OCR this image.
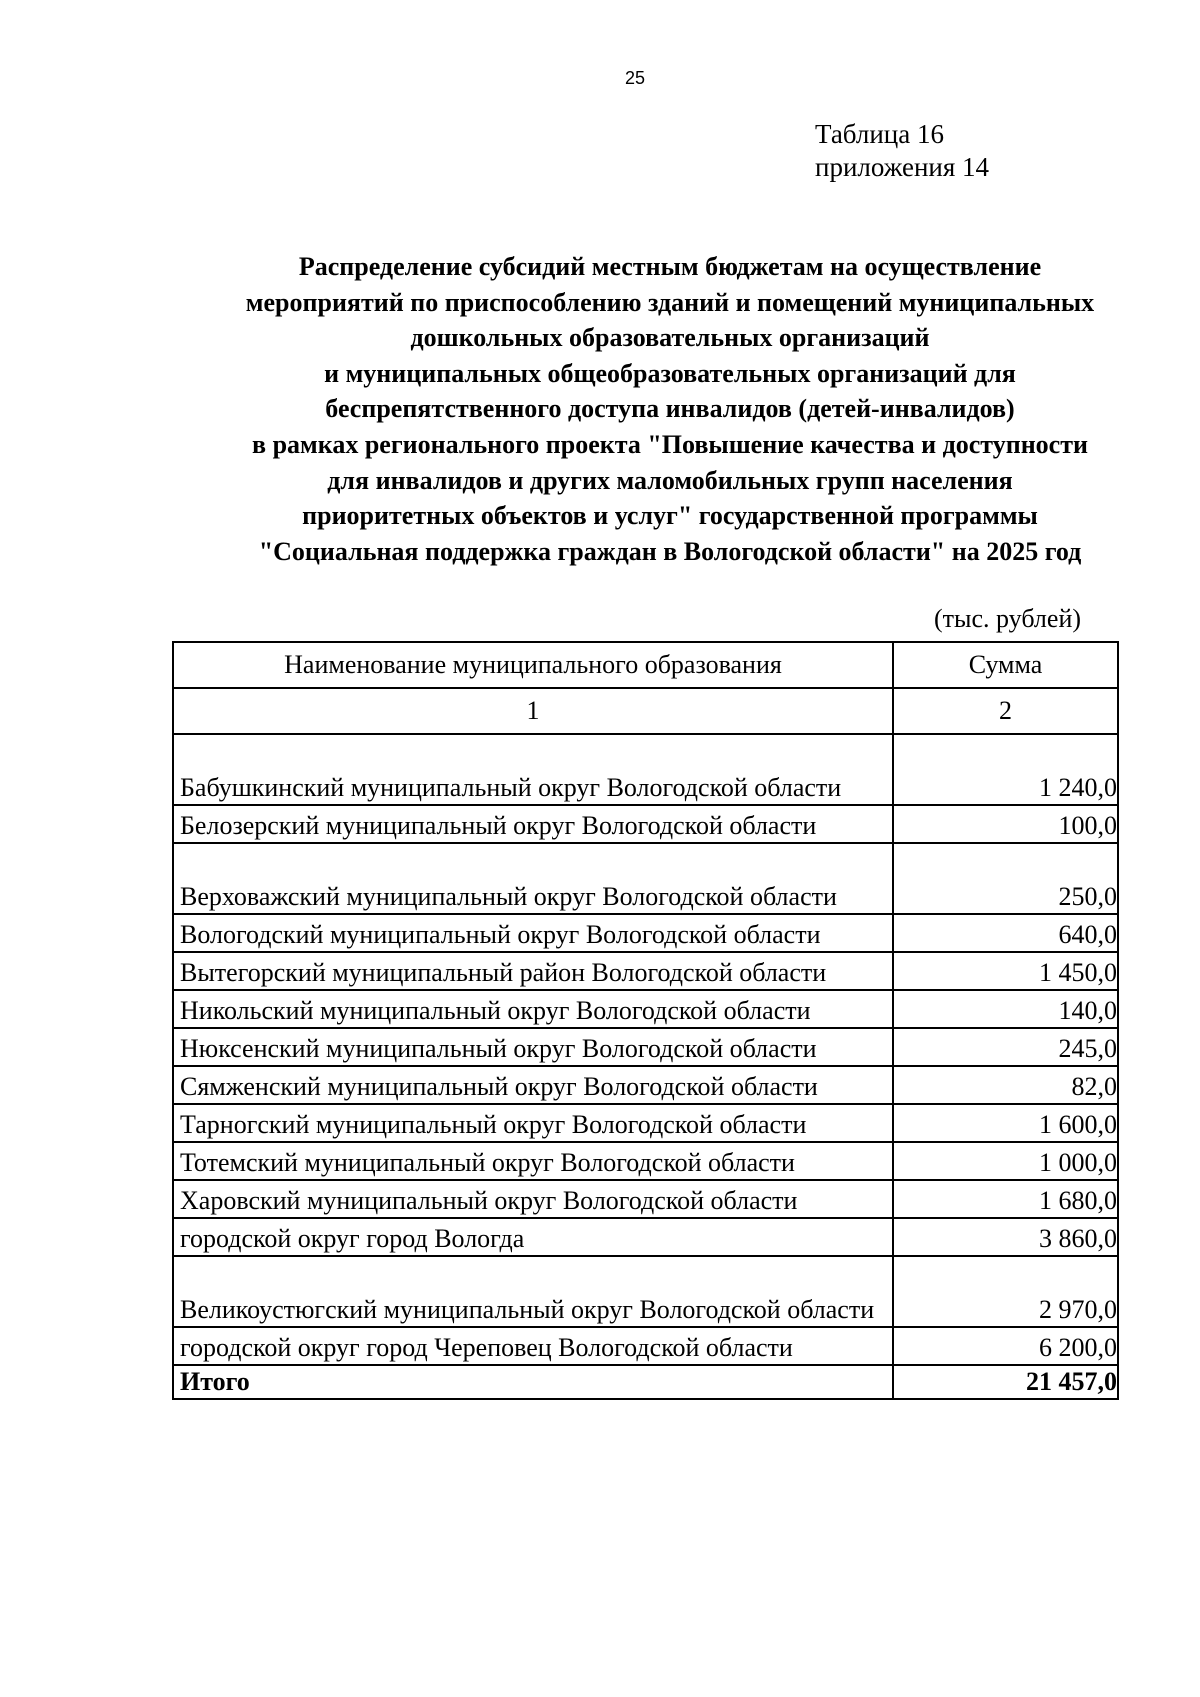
25
Таблица 16
приложения 14
Распределение субсидий местным бюджетам на осуществление
мероприятий по приспособлению зданий и помещений муниципальных
дошкольных образовательных организаций
и муниципальных общеобразовательных организаций для
беспрепятственного доступа инвалидов (детей-инвалидов)
в рамках регионального проекта "Повышение качества и доступности
для инвалидов и других маломобильных групп населения
приоритетных объектов и услуг" государственной программы
"Социальная поддержка граждан в Вологодской области" на 2025 год
(тыс. рублей)
Наименование муниципального образования	Сумма
1	2
Бабушкинский муниципальный округ Вологодской области	1 240,0
Белозерский муниципальный округ Вологодской области	100,0
Верховажский муниципальный округ Вологодской области	250,0
Вологодский муниципальный округ Вологодской области	640,0
Вытегорский муниципальный район Вологодской области	1 450,0
Никольский муниципальный округ Вологодской области	140,0
Нюксенский муниципальный округ Вологодской области	245,0
Сямженский муниципальный округ Вологодской области	82,0
Тарногский муниципальный округ Вологодской области	1 600,0
Тотемский муниципальный округ Вологодской области	1 000,0
Харовский муниципальный округ Вологодской области	1 680,0
городской округ город Вологда	3 860,0
Великоустюгский муниципальный округ Вологодской области	2 970,0
городской округ город Череповец Вологодской области	6 200,0
Итого	21 457,0
